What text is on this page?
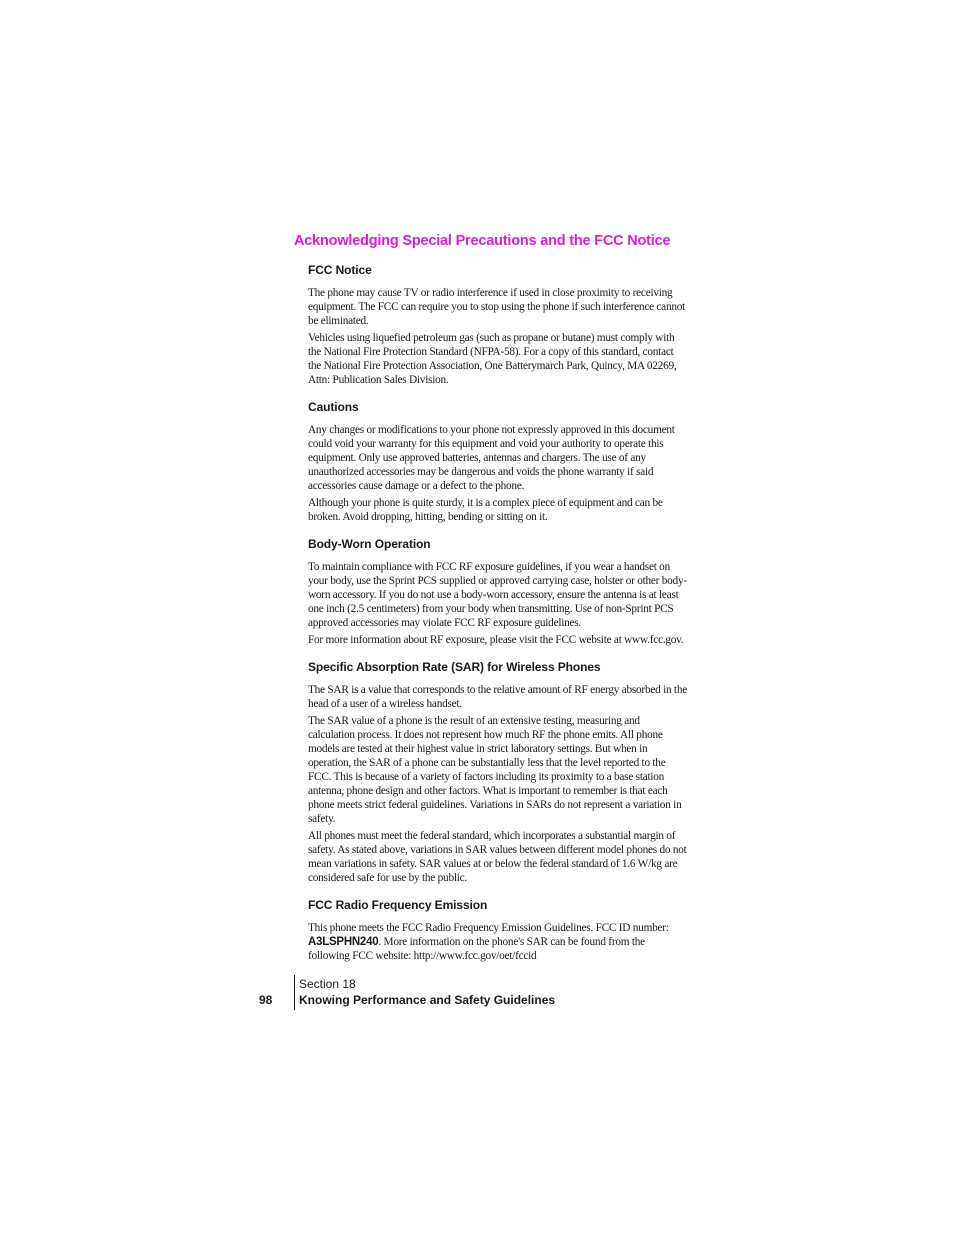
Acknowledging Special Precautions and the FCC Notice
FCC Notice

The phone may cause TV or radio interference if used in close proximity to receiving equipment. The FCC can require you to stop using the phone if such interference cannot be eliminated.

Vehicles using liquefied petroleum gas (such as propane or butane) must comply with the National Fire Protection Standard (NFPA-58). For a copy of this standard, contact the National Fire Protection Association, One Batterymarch Park, Quincy, MA 02269, Attn: Publication Sales Division.

Cautions

Any changes or modifications to your phone not expressly approved in this document could void your warranty for this equipment and void your authority to operate this equipment. Only use approved batteries, antennas and chargers. The use of any unauthorized accessories may be dangerous and voids the phone warranty if said accessories cause damage or a defect to the phone.

Although your phone is quite sturdy, it is a complex piece of equipment and can be broken. Avoid dropping, hitting, bending or sitting on it.

Body-Worn Operation

To maintain compliance with FCC RF exposure guidelines, if you wear a handset on your body, use the Sprint PCS supplied or approved carrying case, holster or other body-worn accessory. If you do not use a body-worn accessory, ensure the antenna is at least one inch (2.5 centimeters) from your body when transmitting. Use of non-Sprint PCS approved accessories may violate FCC RF exposure guidelines.

For more information about RF exposure, please visit the FCC website at www.fcc.gov.

Specific Absorption Rate (SAR) for Wireless Phones

The SAR is a value that corresponds to the relative amount of RF energy absorbed in the head of a user of a wireless handset.

The SAR value of a phone is the result of an extensive testing, measuring and calculation process. It does not represent how much RF the phone emits. All phone models are tested at their highest value in strict laboratory settings. But when in operation, the SAR of a phone can be substantially less that the level reported to the FCC. This is because of a variety of factors including its proximity to a base station antenna, phone design and other factors. What is important to remember is that each phone meets strict federal guidelines. Variations in SARs do not represent a variation in safety.

All phones must meet the federal standard, which incorporates a substantial margin of safety. As stated above, variations in SAR values between different model phones do not mean variations in safety. SAR values at or below the federal standard of 1.6 W/kg are considered safe for use by the public.

FCC Radio Frequency Emission

This phone meets the FCC Radio Frequency Emission Guidelines. FCC ID number: A3LSPHN240. More information on the phone's SAR can be found from the following FCC website: http://www.fcc.gov/oet/fccid

98
Section 18
Knowing Performance and Safety Guidelines
